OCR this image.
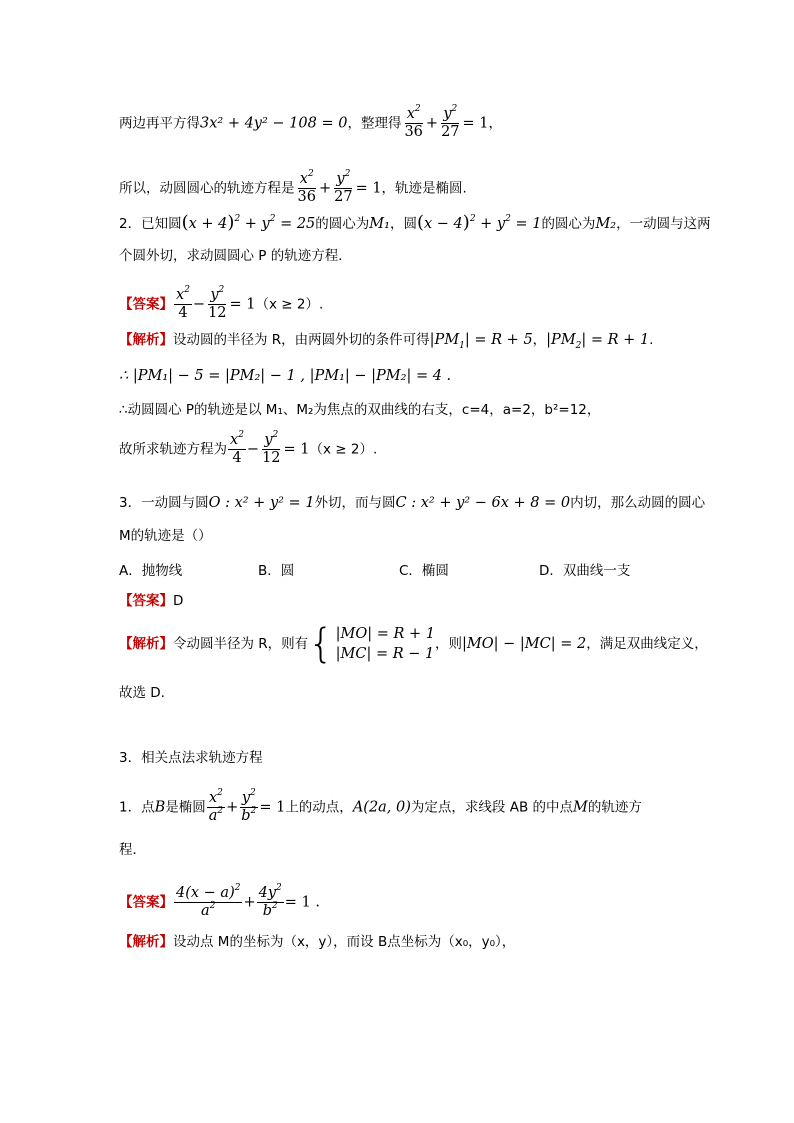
两边再平方得3x² + 4y² − 108 = 0，整理得 $\frac{x^2}{36} + \frac{y^2}{27} = 1$，
所以，动圆圆心的轨迹方程是 $\frac{x^2}{36} + \frac{y^2}{27} = 1$，轨迹是椭圆.
2．已知圆$(x + 4)^2 + y^2 = 25$的圆心为M₁，圆$(x - 4)^2 + y^2 = 1$的圆心为M₂，一动圆与这两
个圆外切，求动圆圆心 P 的轨迹方程．
【答案】 $\frac{x^2}{4} - \frac{y^2}{12} = 1(x \ge 2)$.
【解析】设动圆的半径为 R，由两圆外切的条件可得$|PM_1| = R + 5$，$|PM_2| = R + 1$.
∴ |PM₁| − 5 = |PM₂| − 1 , |PM₁| − |PM₂| = 4 .
∴动圆圆心 P的轨迹是以 M₁、M₂为焦点的双曲线的右支，c=4，a=2，b²=12，
故所求轨迹方程为 $\frac{x^2}{4} - \frac{y^2}{12} = 1(x \ge 2)$.
3．一动圆与圆O : x² + y² = 1外切，而与圆C : x² + y² − 6x + 8 = 0内切，那么动圆的圆心
M的轨迹是（）
A．抛物线	B．圆	C．椭圆	D．双曲线一支
【答案】D
【解析】令动圆半径为 R，则有 { |MO| = R + 1
|MC| = R − 1
，则|MO| − |MC| = 2，满足双曲线定义，
故选 D.
3．相关点法求轨迹方程
1．点B是椭圆 $\frac{x^2}{a^2} + \frac{y^2}{b^2} = 1$上的动点，A(2a, 0)为定点，求线段 AB 的中点M的轨迹方
程．
【答案】 $\frac{4(x - a)^2}{a^2} + \frac{4y^2}{b^2} = 1$ .
【解析】设动点 M的坐标为（x，y），而设 B点坐标为（x₀，y₀），
